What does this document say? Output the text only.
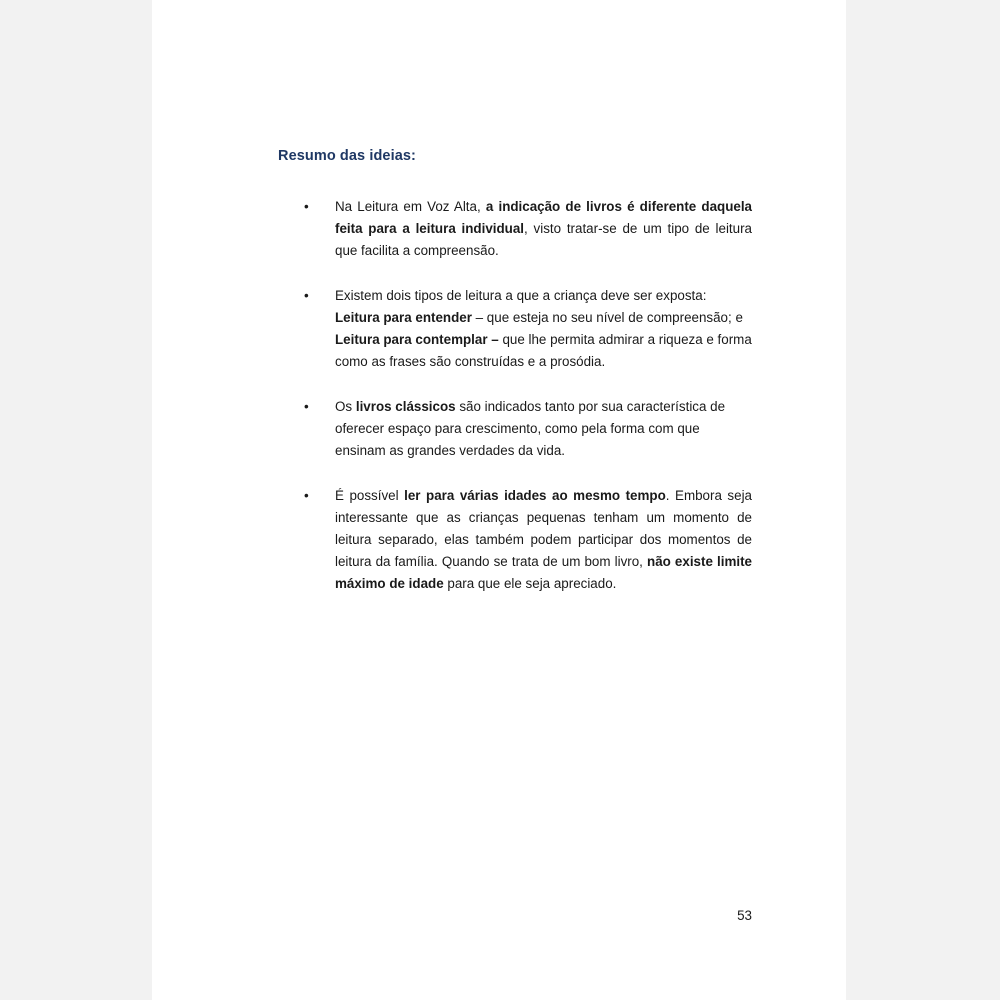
Resumo das ideias:
•	Na Leitura em Voz Alta, a indicação de livros é diferente daquela feita para a leitura individual, visto tratar-se de um tipo de leitura que facilita a compreensão.
•	Existem dois tipos de leitura a que a criança deve ser exposta: Leitura para entender – que esteja no seu nível de compreensão; e Leitura para contemplar – que lhe permita admirar a riqueza e forma como as frases são construídas e a prosódia.
•	Os livros clássicos são indicados tanto por sua característica de oferecer espaço para crescimento, como pela forma com que ensinam as grandes verdades da vida.
•	É possível ler para várias idades ao mesmo tempo. Embora seja interessante que as crianças pequenas tenham um momento de leitura separado, elas também podem participar dos momentos de leitura da família. Quando se trata de um bom livro, não existe limite máximo de idade para que ele seja apreciado.
53
